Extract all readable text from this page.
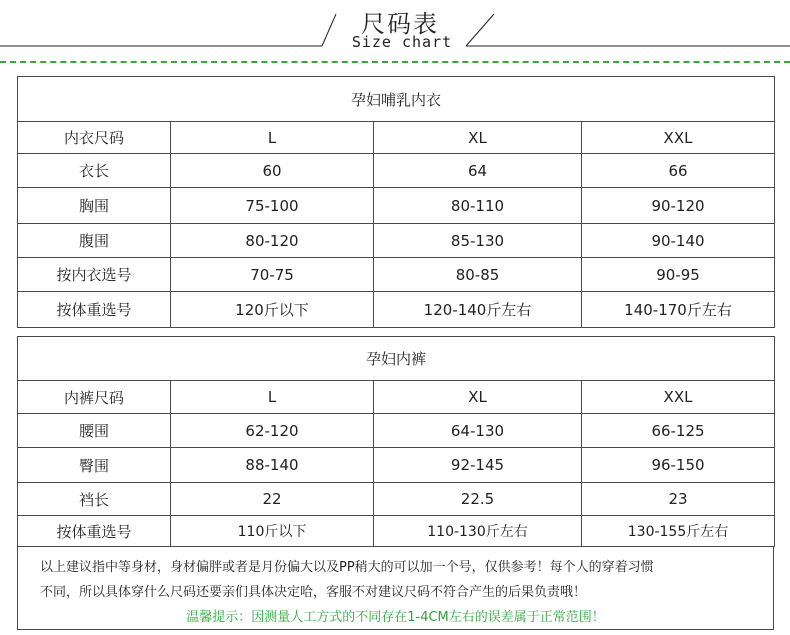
尺码表
Size chart
孕妇哺乳内衣			
内衣尺码	L	XL	XXL
衣长	60	64	66
胸围	75-100	80-110	90-120
腹围	80-120	85-130	90-140
按内衣选号	70-75	80-85	90-95
按体重选号	120斤以下	120-140斤左右	140-170斤左右
孕妇内裤			
内裤尺码	L	XL	XXL
腰围	62-120	64-130	66-125
臀围	88-140	92-145	96-150
裆长	22	22.5	23
按体重选号	110斤以下	110-130斤左右	130-155斤左右
以上建议指中等身材，身材偏胖或者是月份偏大以及PP稍大的可以加一个号，仅供参考！每个人的穿着习惯
不同，所以具体穿什么尺码还要亲们具体决定哈，客服不对建议尺码不符合产生的后果负责哦！
温馨提示：因测量人工方式的不同存在1-4CM左右的误差属于正常范围！
